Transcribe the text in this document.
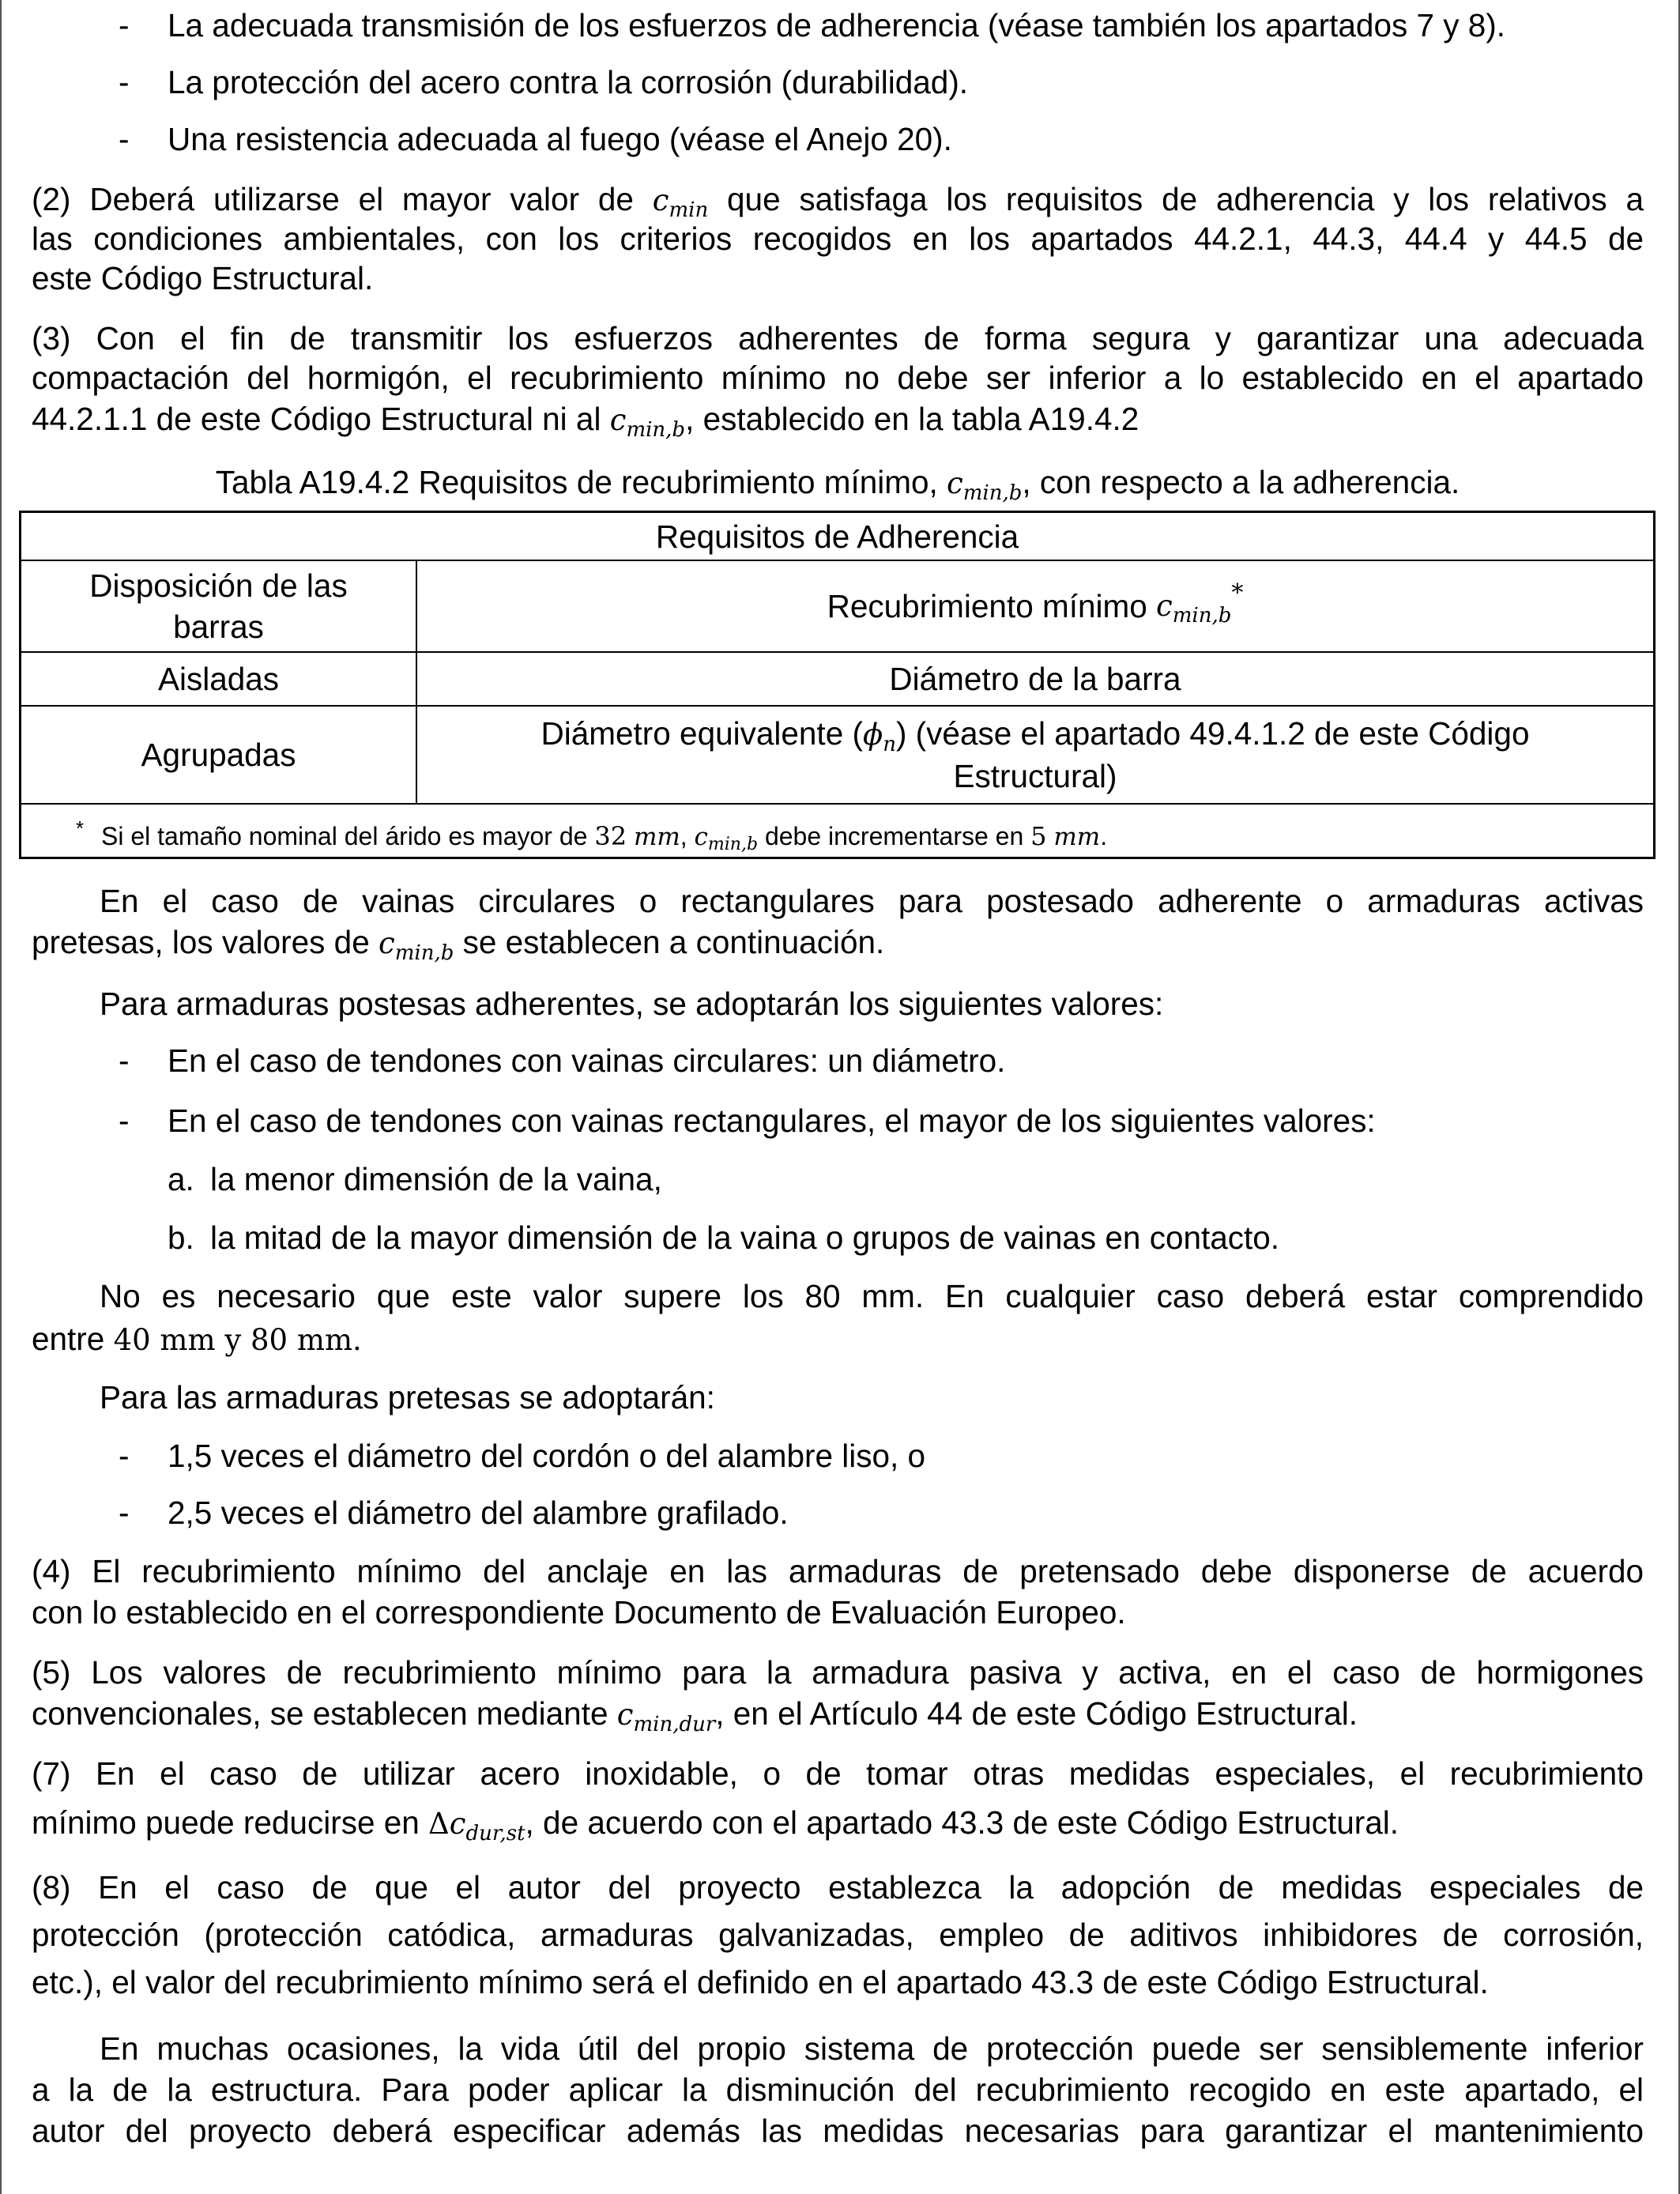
- La adecuada transmisión de los esfuerzos de adherencia (véase también los apartados 7 y 8).
- La protección del acero contra la corrosión (durabilidad).
- Una resistencia adecuada al fuego (véase el Anejo 20).
(2) Deberá utilizarse el mayor valor de $c_{min}$ que satisfaga los requisitos de adherencia y los relativos a
las condiciones ambientales, con los criterios recogidos en los apartados 44.2.1, 44.3, 44.4 y 44.5 de
este Código Estructural.
(3) Con el fin de transmitir los esfuerzos adherentes de forma segura y garantizar una adecuada
compactación del hormigón, el recubrimiento mínimo no debe ser inferior a lo establecido en el apartado
44.2.1.1 de este Código Estructural ni al $c_{min,b}$, establecido en la tabla A19.4.2
Tabla A19.4.2 Requisitos de recubrimiento mínimo, $c_{min,b}$, con respecto a la adherencia.
Requisitos de Adherencia
Disposición de las
barras
Recubrimiento mínimo
$c_{min,b}$
*
Aisladas	Diámetro de la barra
Agrupadas
Diámetro equivalente $(\phi_n)$ (véase el apartado 49.4.1.2 de este Código
Estructural)
* Si el tamaño nominal del árido es mayor de 32 mm, $c_{min,b}$ debe incrementarse en 5 mm.
En el caso de vainas circulares o rectangulares para postesado adherente o armaduras activas
pretesas, los valores de $c_{min,b}$ se establecen a continuación.
Para armaduras postesas adherentes, se adoptarán los siguientes valores:
- En el caso de tendones con vainas circulares: un diámetro.
- En el caso de tendones con vainas rectangulares, el mayor de los siguientes valores:
a. la menor dimensión de la vaina,
b. la mitad de la mayor dimensión de la vaina o grupos de vainas en contacto.
No es necesario que este valor supere los 80 mm. En cualquier caso deberá estar comprendido
entre 40 mm y 80 mm.
Para las armaduras pretesas se adoptarán:
- 1,5 veces el diámetro del cordón o del alambre liso, o
- 2,5 veces el diámetro del alambre grafilado.
(4) El recubrimiento mínimo del anclaje en las armaduras de pretensado debe disponerse de acuerdo
con lo establecido en el correspondiente Documento de Evaluación Europeo.
(5) Los valores de recubrimiento mínimo para la armadura pasiva y activa, en el caso de hormigones
convencionales, se establecen mediante $c_{min,dur}$, en el Artículo 44 de este Código Estructural.
(7) En el caso de utilizar acero inoxidable, o de tomar otras medidas especiales, el recubrimiento
mínimo puede reducirse en $\Delta c_{dur,st}$, de acuerdo con el apartado 43.3 de este Código Estructural.
(8) En el caso de que el autor del proyecto establezca la adopción de medidas especiales de
protección (protección catódica, armaduras galvanizadas, empleo de aditivos inhibidores de corrosión,
etc.), el valor del recubrimiento mínimo será el definido en el apartado 43.3 de este Código Estructural.
En muchas ocasiones, la vida útil del propio sistema de protección puede ser sensiblemente inferior
a la de la estructura. Para poder aplicar la disminución del recubrimiento recogido en este apartado, el
autor del proyecto deberá especificar además las medidas necesarias para garantizar el mantenimiento
